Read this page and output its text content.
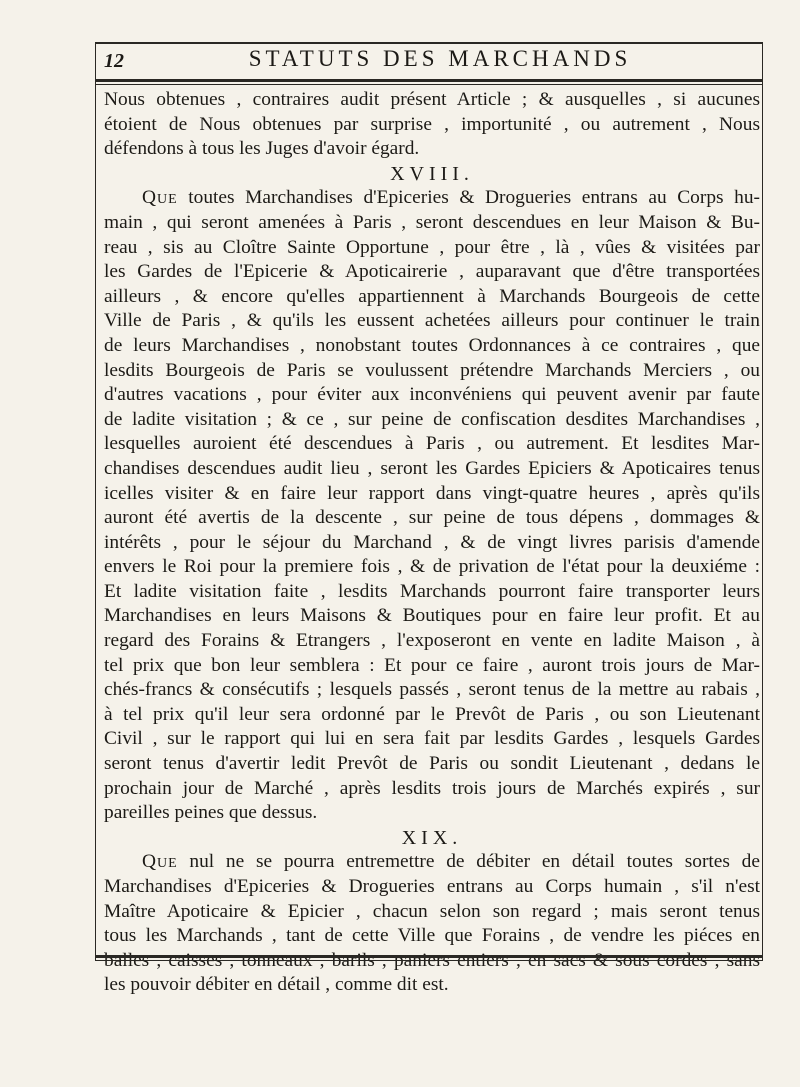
12	STATUTS DES MARCHANDS
Nous obtenues , contraires audit présent Article ; & ausquelles , si aucunes
étoient de Nous obtenues par surprise , importunité , ou autrement , Nous
défendons à tous les Juges d'avoir égard.
XVIII.
Que toutes Marchandises d'Epiceries & Drogueries entrans au Corps hu-
main , qui seront amenées à Paris , seront descendues en leur Maison & Bu-
reau , sis au Cloître Sainte Opportune , pour être , là , vûes & visitées par
les Gardes de l'Epicerie & Apoticairerie , auparavant que d'être transportées
ailleurs , & encore qu'elles appartiennent à Marchands Bourgeois de cette
Ville de Paris , & qu'ils les eussent achetées ailleurs pour continuer le train
de leurs Marchandises , nonobstant toutes Ordonnances à ce contraires , que
lesdits Bourgeois de Paris se voulussent prétendre Marchands Merciers , ou
d'autres vacations , pour éviter aux inconvéniens qui peuvent avenir par faute
de ladite visitation ; & ce , sur peine de confiscation desdites Marchandises ,
lesquelles auroient été descendues à Paris , ou autrement. Et lesdites Mar-
chandises descendues audit lieu , seront les Gardes Epiciers & Apoticaires tenus
icelles visiter & en faire leur rapport dans vingt-quatre heures , après qu'ils
auront été avertis de la descente , sur peine de tous dépens , dommages &
intérêts , pour le séjour du Marchand , & de vingt livres parisis d'amende
envers le Roi pour la premiere fois , & de privation de l'état pour la deuxiéme :
Et ladite visitation faite , lesdits Marchands pourront faire transporter leurs
Marchandises en leurs Maisons & Boutiques pour en faire leur profit. Et au
regard des Forains & Etrangers , l'exposeront en vente en ladite Maison , à
tel prix que bon leur semblera : Et pour ce faire , auront trois jours de Mar-
chés-francs & consécutifs ; lesquels passés , seront tenus de la mettre au rabais ,
à tel prix qu'il leur sera ordonné par le Prevôt de Paris , ou son Lieutenant
Civil , sur le rapport qui lui en sera fait par lesdits Gardes , lesquels Gardes
seront tenus d'avertir ledit Prevôt de Paris ou sondit Lieutenant , dedans le
prochain jour de Marché , après lesdits trois jours de Marchés expirés , sur
pareilles peines que dessus.
XIX.
Que nul ne se pourra entremettre de débiter en détail toutes sortes de
Marchandises d'Epiceries & Drogueries entrans au Corps humain , s'il n'est
Maître Apoticaire & Epicier , chacun selon son regard ; mais seront tenus
tous les Marchands , tant de cette Ville que Forains , de vendre les piéces en
les pouvoir débiter en détail , comme dit est.
